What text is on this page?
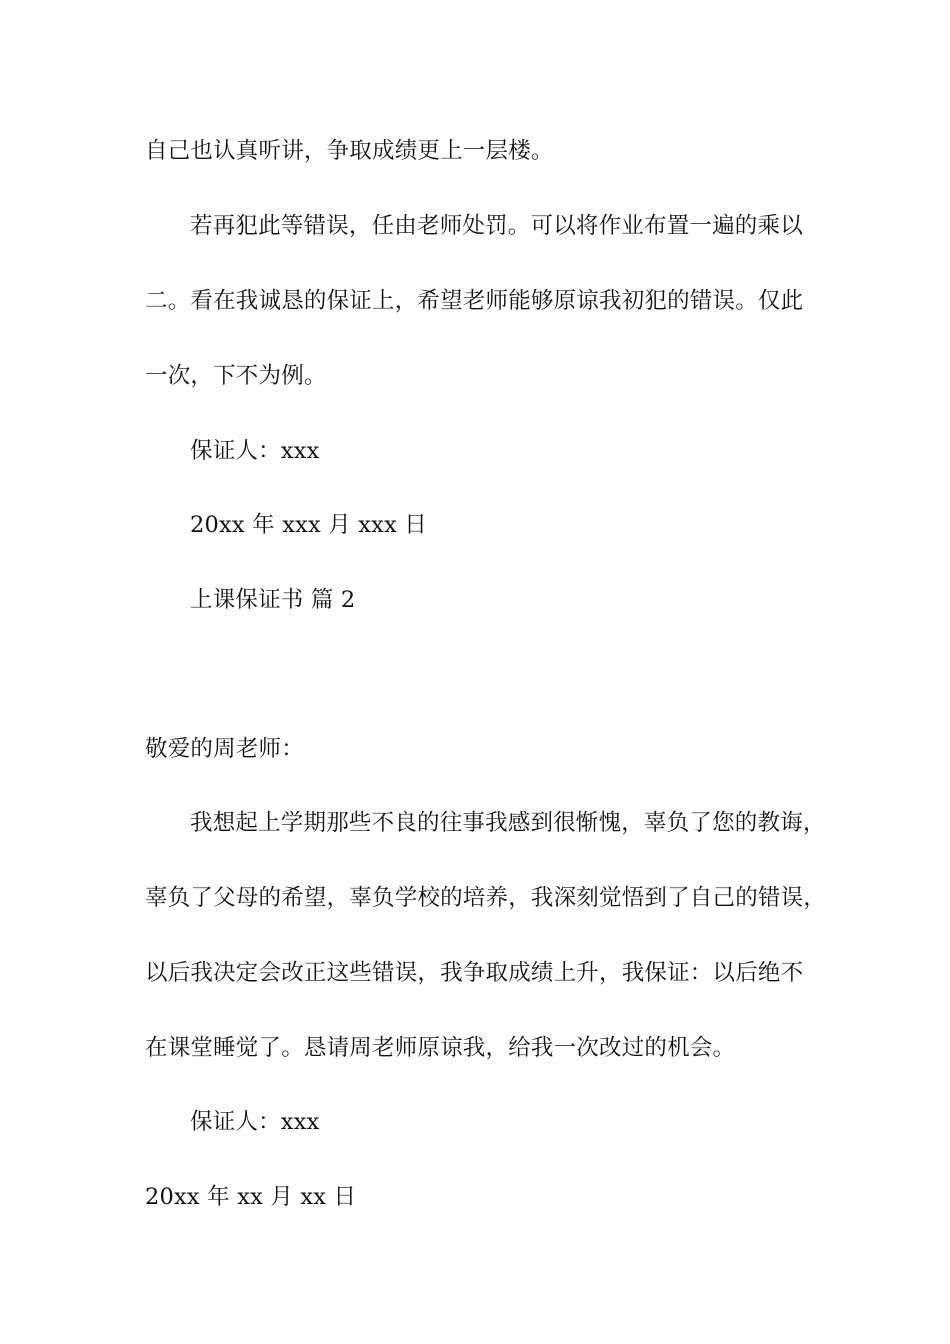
自己也认真听讲，争取成绩更上一层楼。
若再犯此等错误，任由老师处罚。可以将作业布置一遍的乘以
二。看在我诚恳的保证上，希望老师能够原谅我初犯的错误。仅此
一次，下不为例。
保证人：xxx
20xx 年 xxx 月 xxx 日
上课保证书 篇 2
敬爱的周老师：
我想起上学期那些不良的往事我感到很惭愧，辜负了您的教诲，
辜负了父母的希望，辜负学校的培养，我深刻觉悟到了自己的错误，
以后我决定会改正这些错误，我争取成绩上升，我保证：以后绝不
在课堂睡觉了。恳请周老师原谅我，给我一次改过的机会。
保证人：xxx
20xx 年 xx 月 xx 日
